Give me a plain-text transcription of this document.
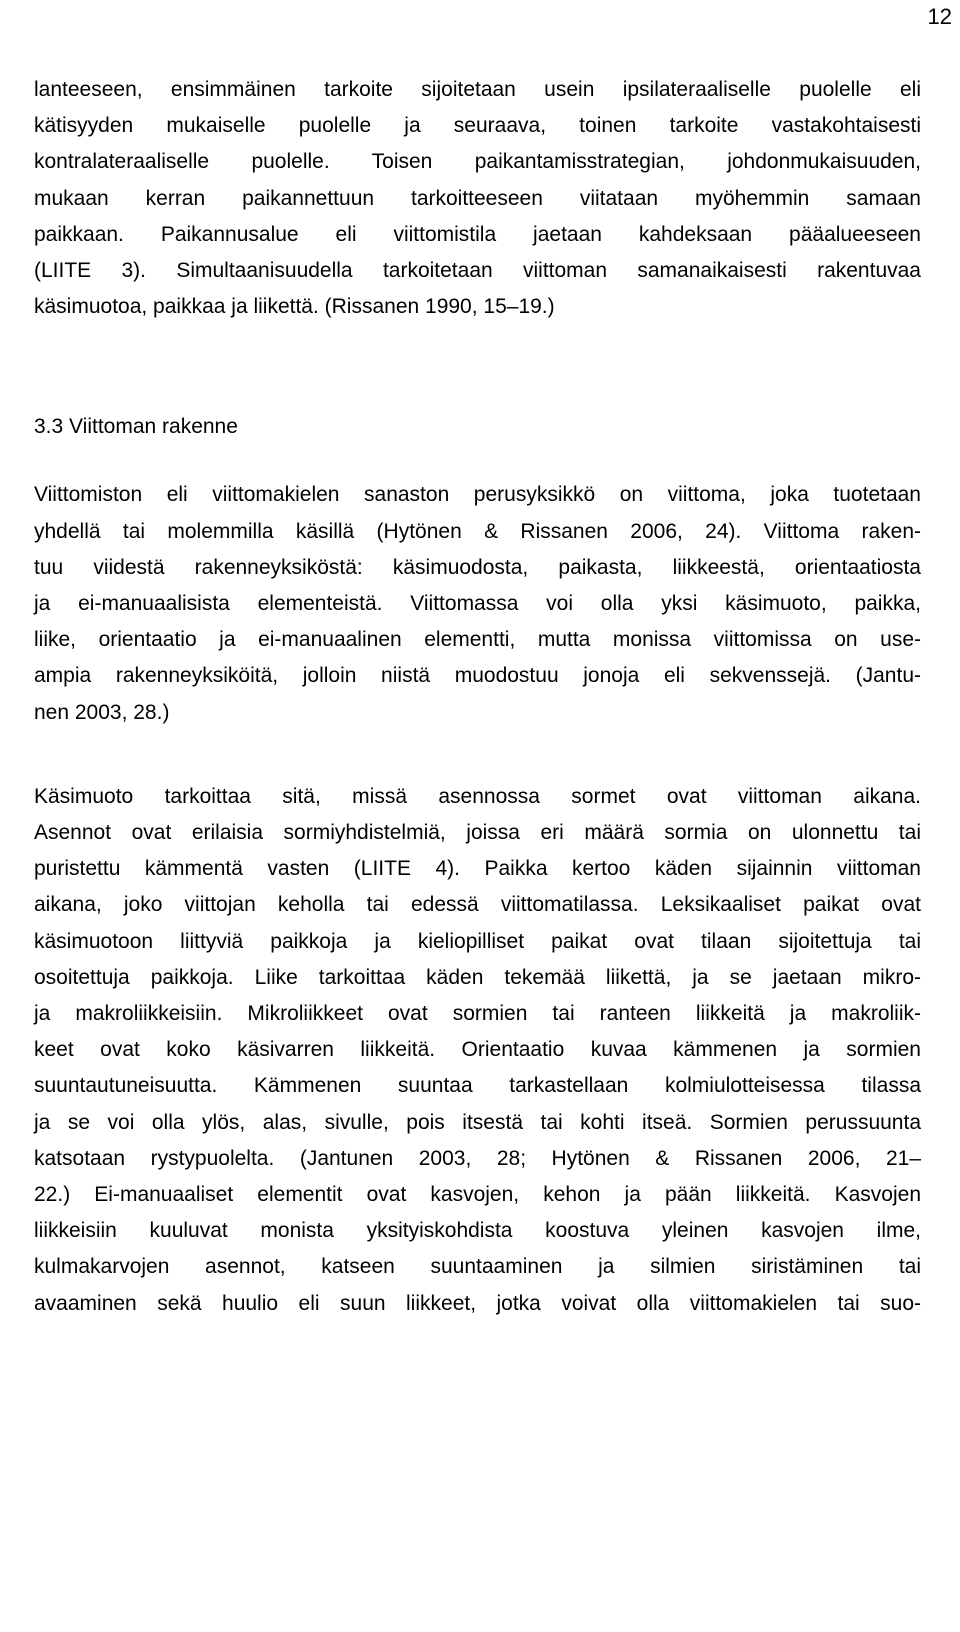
12

lanteeseen, ensimmäinen tarkoite sijoitetaan usein ipsilateraaliselle puolelle eli
kätisyyden mukaiselle puolelle ja seuraava, toinen tarkoite vastakohtaisesti
kontralateraaliselle puolelle. Toisen paikantamisstrategian, johdonmukaisuuden,
mukaan kerran paikannettuun tarkoitteeseen viitataan myöhemmin samaan
paikkaan. Paikannusalue eli viittomistila jaetaan kahdeksaan pääalueeseen
(LIITE 3). Simultaanisuudella tarkoitetaan viittoman samanaikaisesti rakentuvaa
käsimuotoa, paikkaa ja liikettä. (Rissanen 1990, 15–19.)

3.3 Viittoman rakenne

Viittomiston eli viittomakielen sanaston perusyksikkö on viittoma, joka tuotetaan
yhdellä tai molemmilla käsillä (Hytönen & Rissanen 2006, 24). Viittoma raken-
tuu viidestä rakenneyksiköstä: käsimuodosta, paikasta, liikkeestä, orientaatiosta
ja ei-manuaalisista elementeistä. Viittomassa voi olla yksi käsimuoto, paikka,
liike, orientaatio ja ei-manuaalinen elementti, mutta monissa viittomissa on use-
ampia rakenneyksiköitä, jolloin niistä muodostuu jonoja eli sekvenssejä. (Jantu-
nen 2003, 28.)

Käsimuoto tarkoittaa sitä, missä asennossa sormet ovat viittoman aikana.
Asennot ovat erilaisia sormiyhdistelmiä, joissa eri määrä sormia on ulonnettu tai
puristettu kämmentä vasten (LIITE 4). Paikka kertoo käden sijainnin viittoman
aikana, joko viittojan keholla tai edessä viittomatilassa. Leksikaaliset paikat ovat
käsimuotoon liittyviä paikkoja ja kieliopilliset paikat ovat tilaan sijoitettuja tai
osoitettuja paikkoja. Liike tarkoittaa käden tekemää liikettä, ja se jaetaan mikro-
ja makroliikkeisiin. Mikroliikkeet ovat sormien tai ranteen liikkeitä ja makroliik-
keet ovat koko käsivarren liikkeitä. Orientaatio kuvaa kämmenen ja sormien
suuntautuneisuutta. Kämmenen suuntaa tarkastellaan kolmiulotteisessa tilassa
ja se voi olla ylös, alas, sivulle, pois itsestä tai kohti itseä. Sormien perussuunta
katsotaan rystypuolelta. (Jantunen 2003, 28; Hytönen & Rissanen 2006, 21–
22.) Ei-manuaaliset elementit ovat kasvojen, kehon ja pään liikkeitä. Kasvojen
liikkeisiin kuuluvat monista yksityiskohdista koostuva yleinen kasvojen ilme,
kulmakarvojen asennot, katseen suuntaaminen ja silmien siristäminen tai
avaaminen sekä huulio eli suun liikkeet, jotka voivat olla viittomakielen tai suo-
